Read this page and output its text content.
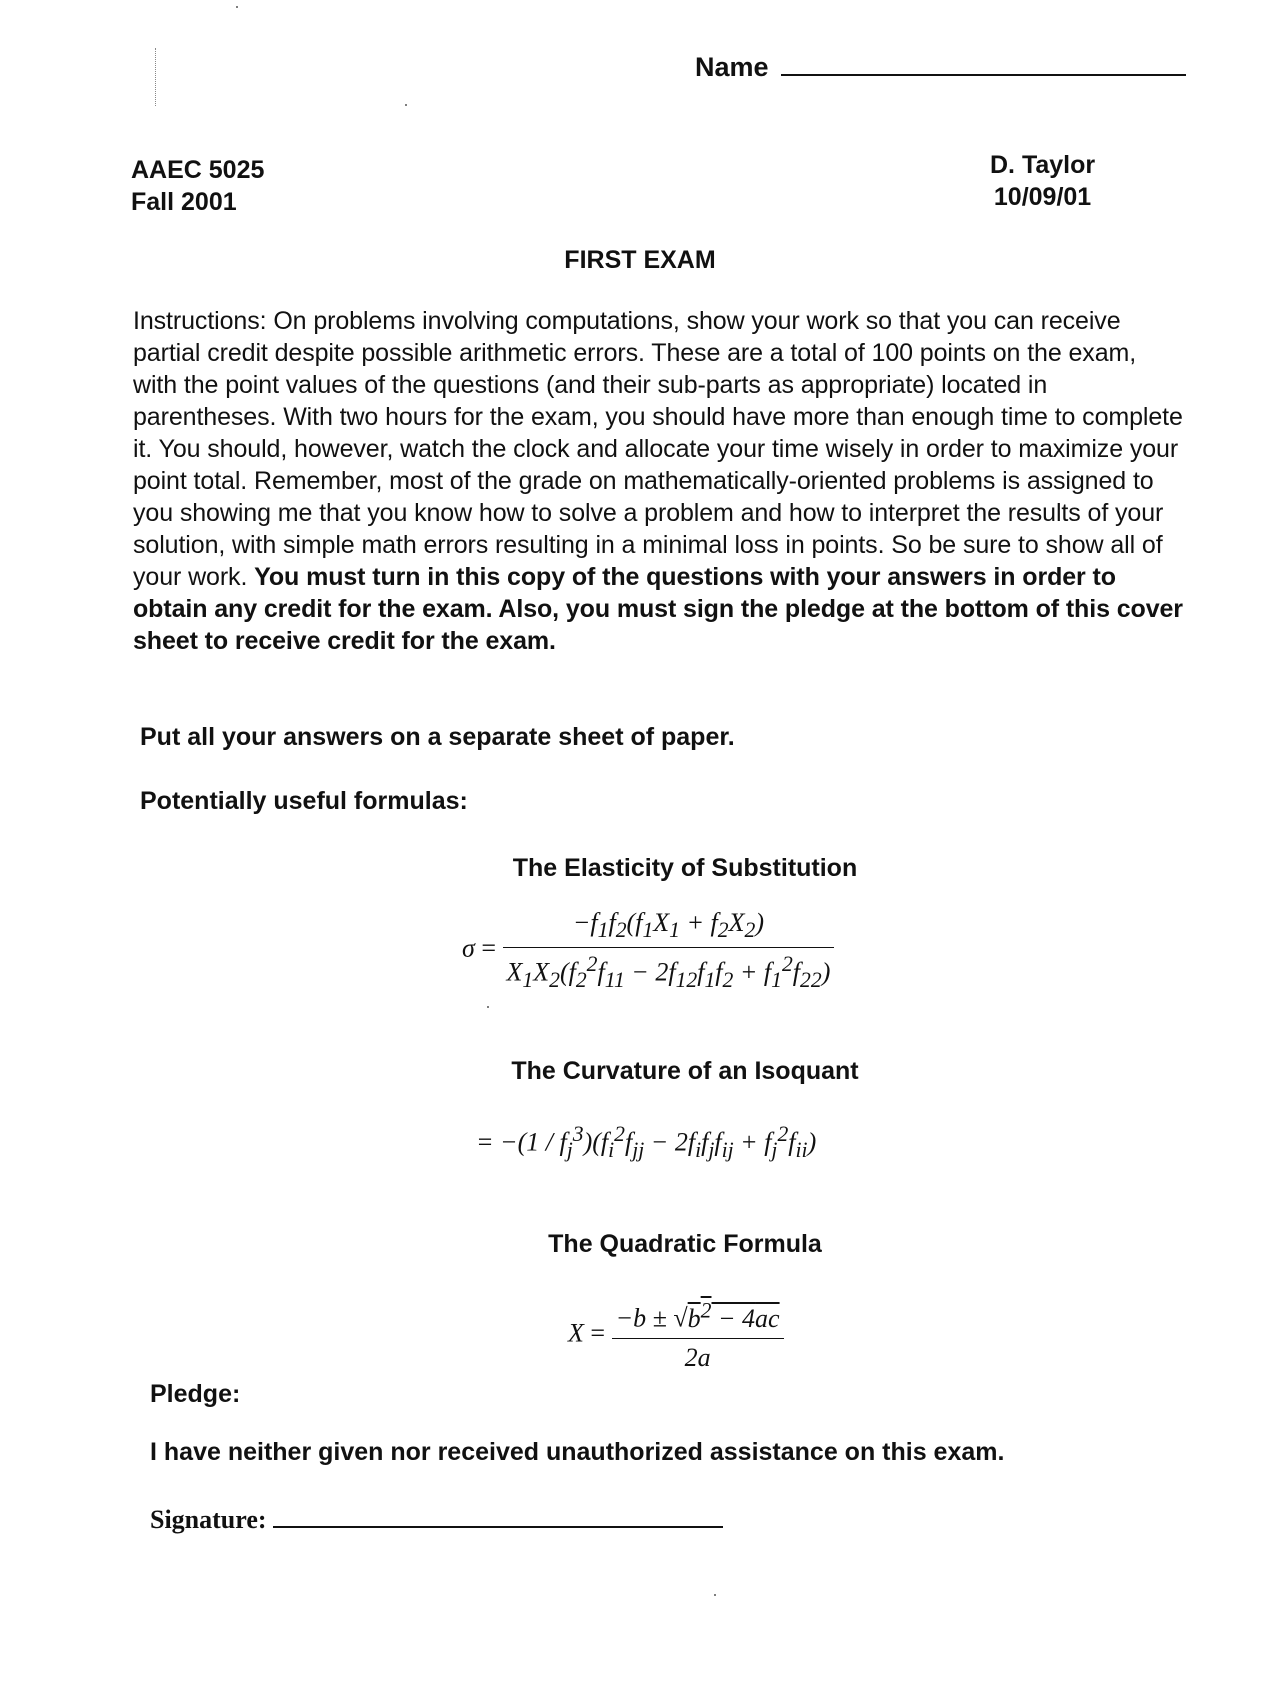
Name
AAEC 5025
Fall 2001
D. Taylor
10/09/01
FIRST EXAM
Instructions: On problems involving computations, show your work so that you can receive partial credit despite possible arithmetic errors. These are a total of 100 points on the exam, with the point values of the questions (and their sub-parts as appropriate) located in parentheses. With two hours for the exam, you should have more than enough time to complete it. You should, however, watch the clock and allocate your time wisely in order to maximize your point total. Remember, most of the grade on mathematically-oriented problems is assigned to you showing me that you know how to solve a problem and how to interpret the results of your solution, with simple math errors resulting in a minimal loss in points. So be sure to show all of your work. You must turn in this copy of the questions with your answers in order to obtain any credit for the exam. Also, you must sign the pledge at the bottom of this cover sheet to receive credit for the exam.
Put all your answers on a separate sheet of paper.
Potentially useful formulas:
The Elasticity of Substitution
$\sigma = \frac{-f_1f_2(f_1X_1 + f_2X_2)}{X_1X_2(f_2^2f_{11} - 2f_{12}f_1f_2 + f_1^2f_{22})}$
The Curvature of an Isoquant
= $-(1 / f_j^3)(f_i^2f_{jj} - 2f_if_jf_{ij} + f_j^2f_{ii})$
The Quadratic Formula
$X = \frac{-b \pm √b^2 - 4ac}{2a}$
Pledge:
I have neither given nor received unauthorized assistance on this exam.
Signature:
